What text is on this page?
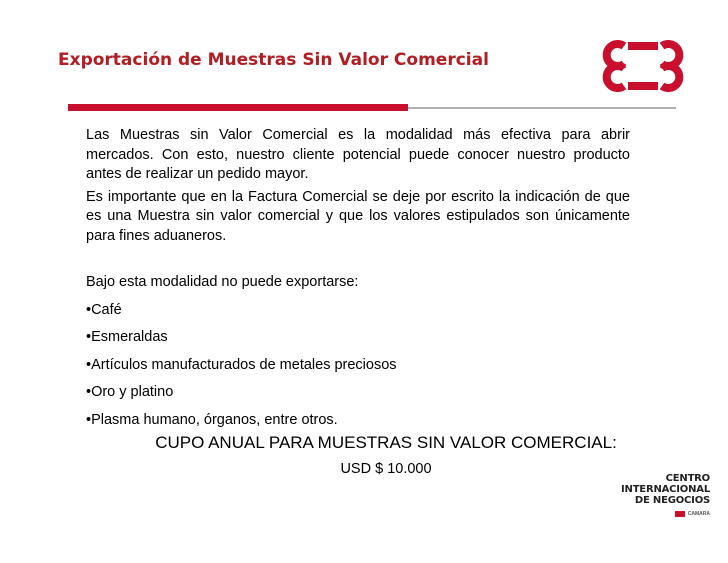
Exportación de Muestras Sin Valor Comercial

Las Muestras sin Valor Comercial es la modalidad más efectiva para abrir mercados. Con esto, nuestro cliente potencial puede conocer nuestro producto antes de realizar un pedido mayor.

Es importante que en la Factura Comercial se deje por escrito la indicación de que es una Muestra sin valor comercial y que los valores estipulados son únicamente para fines aduaneros.

Bajo esta modalidad no puede exportarse:

•Café

•Esmeraldas

•Artículos manufacturados de metales preciosos

•Oro y platino

•Plasma humano, órganos, entre otros.

CUPO ANUAL PARA MUESTRAS SIN VALOR COMERCIAL:
USD $ 10.000
CENTRO
INTERNACIONAL
DE NEGOCIOS
CAMARA
